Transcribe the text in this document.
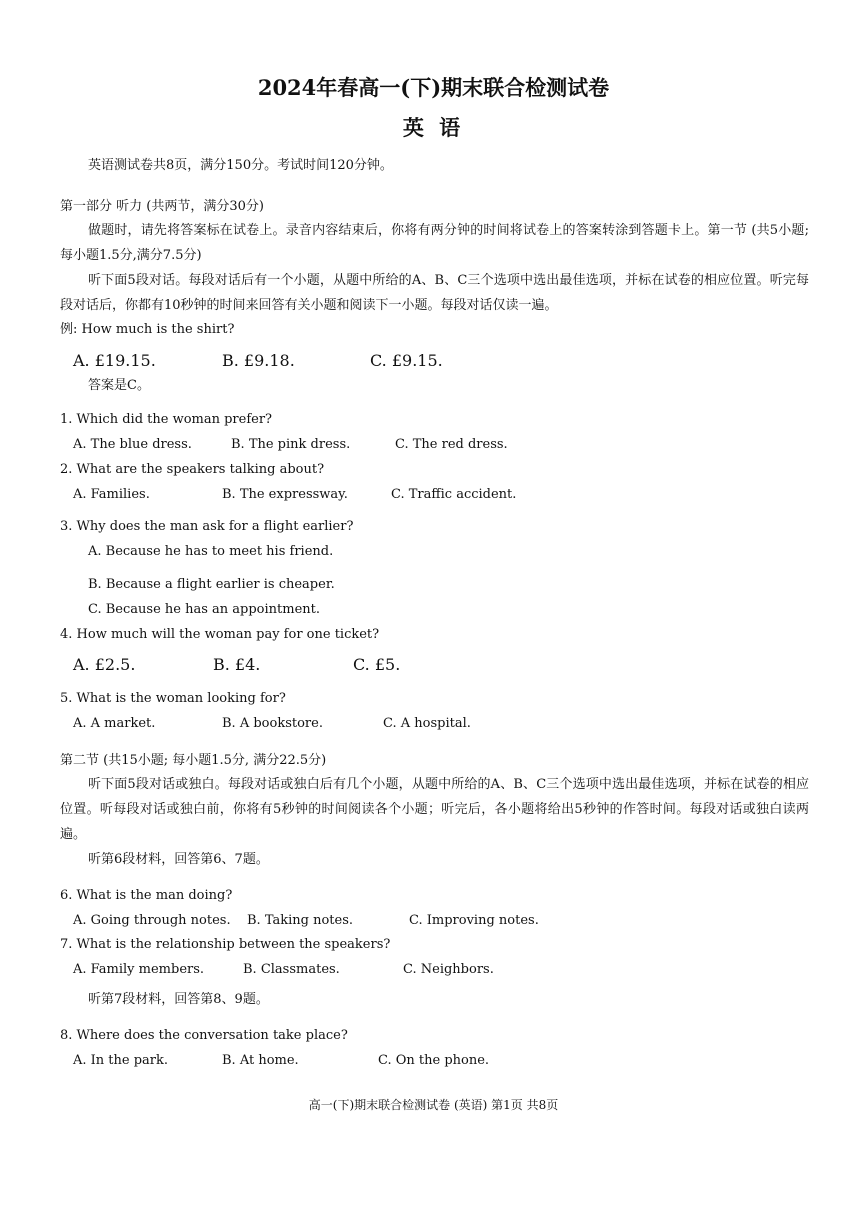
2024年春高一(下)期末联合检测试卷
英 语
英语测试卷共8页，满分150分。考试时间120分钟。
第一部分 听力 (共两节，满分30分)
做题时，请先将答案标在试卷上。录音内容结束后，你将有两分钟的时间将试卷上的答案转涂到答题卡上。第一节 (共5小题;每小题1.5分,满分7.5分)
听下面5段对话。每段对话后有一个小题，从题中所给的A、B、C三个选项中选出最佳选项，并标在试卷的相应位置。听完每段对话后，你都有10秒钟的时间来回答有关小题和阅读下一小题。每段对话仅读一遍。
例: How much is the shirt?
A. £19.15.	B. £9.18.	C. £9.15.
答案是C。
1. Which did the woman prefer?
A. The blue dress.	B. The pink dress.	C. The red dress.
2. What are the speakers talking about?
A. Families.	B. The expressway.	C. Traffic accident.
3. Why does the man ask for a flight earlier?
A. Because he has to meet his friend.
B. Because a flight earlier is cheaper.
C. Because he has an appointment.
4. How much will the woman pay for one ticket?
A. £2.5.	B. £4.	C. £5.
5. What is the woman looking for?
A. A market.	B. A bookstore.	C. A hospital.
第二节 (共15小题; 每小题1.5分, 满分22.5分)
听下面5段对话或独白。每段对话或独白后有几个小题，从题中所给的A、B、C三个选项中选出最佳选项，并标在试卷的相应位置。听每段对话或独白前，你将有5秒钟的时间阅读各个小题；听完后，各小题将给出5秒钟的作答时间。每段对话或独白读两遍。
听第6段材料，回答第6、7题。
6. What is the man doing?
A. Going through notes. B. Taking notes.	C. Improving notes.
7. What is the relationship between the speakers?
A. Family members.	B. Classmates.	C. Neighbors.
听第7段材料，回答第8、9题。
8. Where does the conversation take place?
A. In the park.	B. At home.	C. On the phone.
高一(下)期末联合检测试卷 (英语) 第1页 共8页
